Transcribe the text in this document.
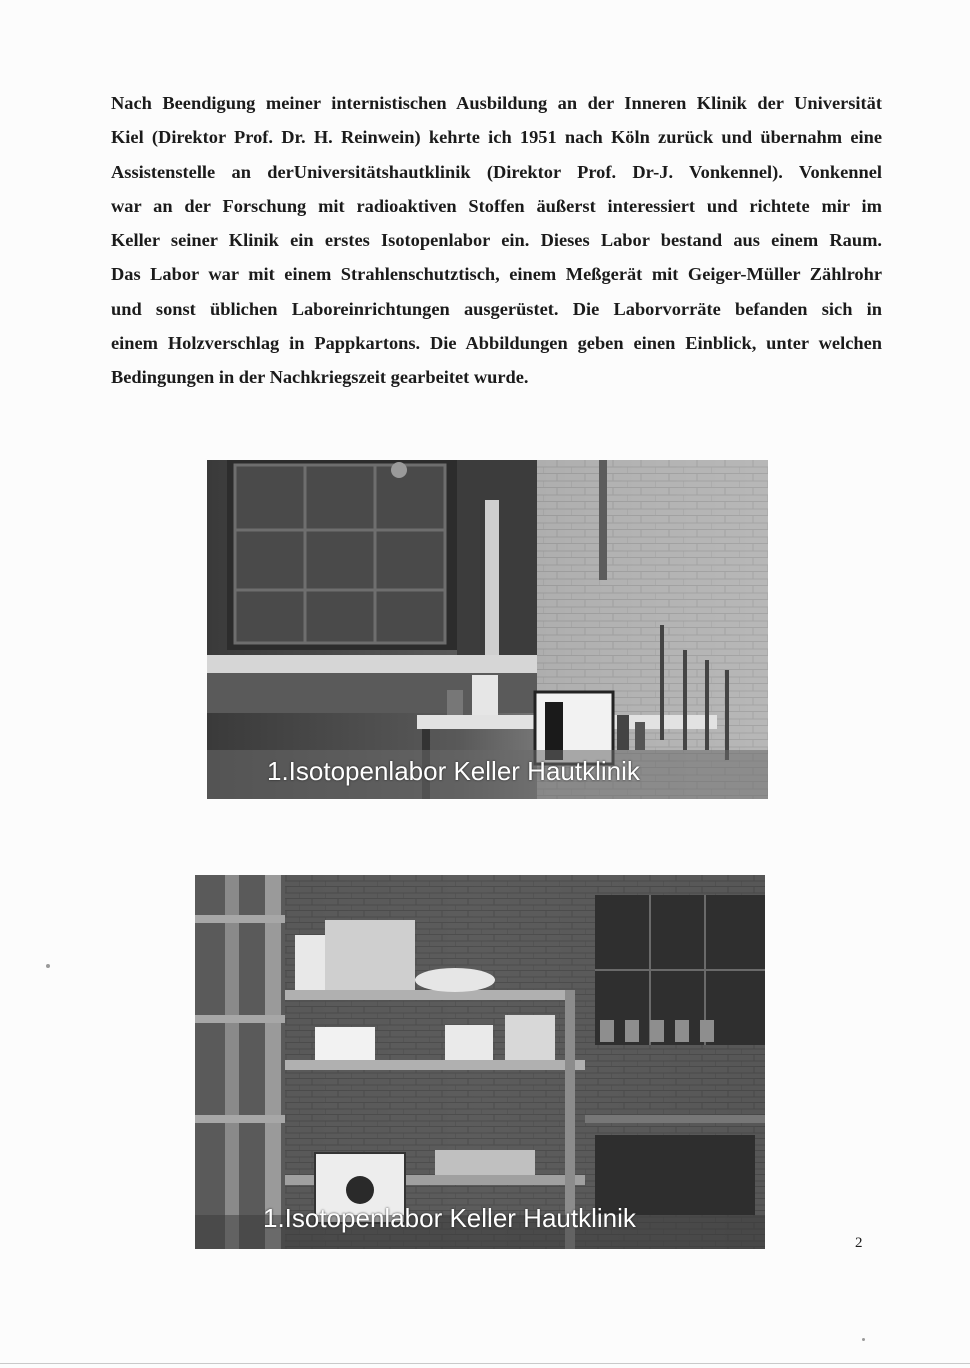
Nach Beendigung meiner internistischen Ausbildung an der Inneren Klinik der Universität
Kiel (Direktor Prof. Dr. H. Reinwein) kehrte ich 1951 nach Köln zurück und übernahm eine
Assistenstelle an derUniversitätshautklinik (Direktor Prof. Dr-J. Vonkennel). Vonkennel
war an der Forschung mit radioaktiven Stoffen äußerst interessiert und richtete mir im
Keller seiner Klinik ein erstes Isotopenlabor ein. Dieses Labor bestand aus einem Raum.
Das Labor war mit einem Strahlenschutztisch, einem Meßgerät mit Geiger-Müller Zählrohr
und sonst üblichen Laboreinrichtungen ausgerüstet. Die Laborvorräte befanden sich in
einem Holzverschlag in Pappkartons. Die Abbildungen geben einen Einblick, unter welchen
Bedingungen in der Nachkriegszeit gearbeitet wurde.
1.Isotopenlabor Keller Hautklinik
1.Isotopenlabor Keller Hautklinik
2
